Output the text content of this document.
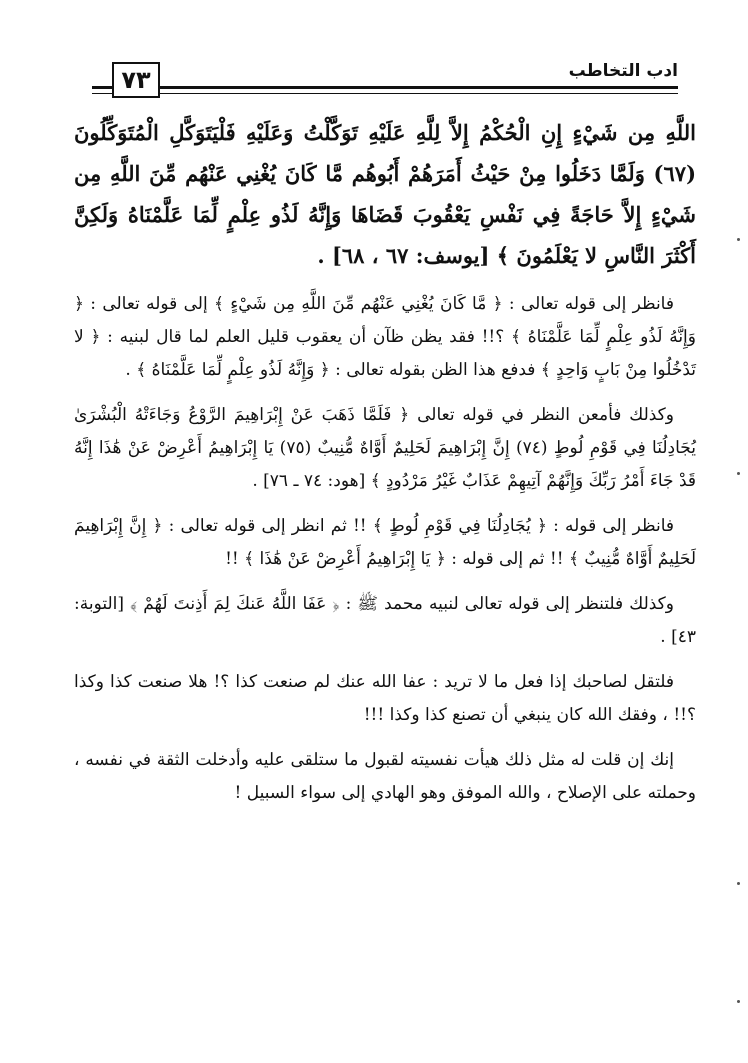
٧٣	ادب التخاطب

اللَّهِ مِن شَيْءٍ إِنِ الْحُكْمُ إِلاَّ لِلَّهِ عَلَيْهِ تَوَكَّلْتُ وَعَلَيْهِ فَلْيَتَوَكَّلِ الْمُتَوَكِّلُونَ (٦٧) وَلَمَّا دَخَلُوا مِنْ حَيْثُ أَمَرَهُمْ أَبُوهُم مَّا كَانَ يُغْنِي عَنْهُم مِّنَ اللَّهِ مِن شَيْءٍ إِلاَّ حَاجَةً فِي نَفْسِ يَعْقُوبَ قَضَاهَا وَإِنَّهُ لَذُو عِلْمٍ لِّمَا عَلَّمْنَاهُ وَلَكِنَّ أَكْثَرَ النَّاسِ لا يَعْلَمُونَ ﴾ [يوسف: ٦٧ ، ٦٨] .

فانظر إلى قوله تعالى : ﴿ مَّا كَانَ يُغْنِي عَنْهُم مِّنَ اللَّهِ مِن شَيْءٍ ﴾ إلى قوله تعالى : ﴿ وَإِنَّهُ لَذُو عِلْمٍ لِّمَا عَلَّمْنَاهُ ﴾ ؟!! فقد يظن ظآن أن يعقوب قليل العلم لما قال لبنيه : ﴿ لا تَدْخُلُوا مِنْ بَابٍ وَاحِدٍ ﴾ فدفع هذا الظن بقوله تعالى : ﴿ وَإِنَّهُ لَذُو عِلْمٍ لِّمَا عَلَّمْنَاهُ ﴾ .

وكذلك فأمعن النظر في قوله تعالى ﴿ فَلَمَّا ذَهَبَ عَنْ إِبْرَاهِيمَ الرَّوْعُ وَجَاءَتْهُ الْبُشْرَىٰ يُجَادِلُنَا فِي قَوْمِ لُوطٍ (٧٤) إِنَّ إِبْرَاهِيمَ لَحَلِيمٌ أَوَّاهٌ مُّنِيبٌ (٧٥) يَا إِبْرَاهِيمُ أَعْرِضْ عَنْ هَٰذَا إِنَّهُ قَدْ جَاءَ أَمْرُ رَبِّكَ وَإِنَّهُمْ آتِيهِمْ عَذَابٌ غَيْرُ مَرْدُودٍ ﴾ [هود: ٧٤ ـ ٧٦] .

فانظر إلى قوله : ﴿ يُجَادِلُنَا فِي قَوْمِ لُوطٍ ﴾ !! ثم انظر إلى قوله تعالى : ﴿ إِنَّ إِبْرَاهِيمَ لَحَلِيمٌ أَوَّاهٌ مُّنِيبٌ ﴾ !! ثم إلى قوله : ﴿ يَا إِبْرَاهِيمُ أَعْرِضْ عَنْ هَٰذَا ﴾ !!

وكذلك فلتنظر إلى قوله تعالى لنبيه محمد ﷺ : ﴿ عَفَا اللَّهُ عَنكَ لِمَ أَذِنتَ لَهُمْ ﴾ [التوبة: ٤٣] .

فلتقل لصاحبك إذا فعل ما لا تريد : عفا الله عنك لم صنعت كذا ؟! هلا صنعت كذا وكذا ؟!! ، وفقك الله كان ينبغي أن تصنع كذا وكذا !!!

إنك إن قلت له مثل ذلك هيأت نفسيته لقبول ما ستلقى عليه وأدخلت الثقة في نفسه ، وحملته على الإصلاح ، والله الموفق وهو الهادي إلى سواء السبيل !
